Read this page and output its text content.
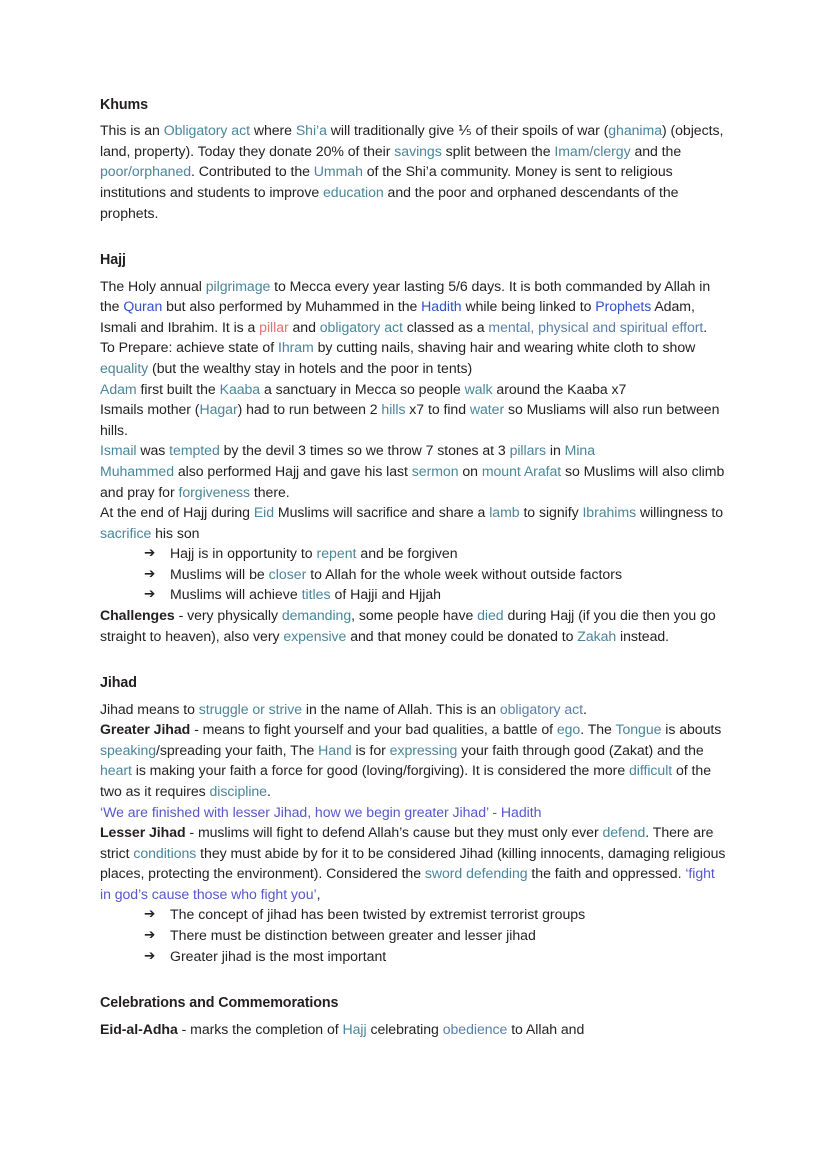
Khums

This is an Obligatory act where Shi’a will traditionally give ⅕ of their spoils of war (ghanima) (objects, land, property). Today they donate 20% of their savings split between the Imam/clergy and the poor/orphaned. Contributed to the Ummah of the Shi’a community. Money is sent to religious institutions and students to improve education and the poor and orphaned descendants of the prophets.

Hajj

The Holy annual pilgrimage to Mecca every year lasting 5/6 days. It is both commanded by Allah in the Quran but also performed by Muhammed in the Hadith while being linked to Prophets Adam, Ismali and Ibrahim. It is a pillar and obligatory act classed as a mental, physical and spiritual effort.

To Prepare: achieve state of Ihram by cutting nails, shaving hair and wearing white cloth to show equality (but the wealthy stay in hotels and the poor in tents)

Adam first built the Kaaba a sanctuary in Mecca so people walk around the Kaaba x7

Ismails mother (Hagar) had to run between 2 hills x7 to find water so Musliams will also run between hills.

Ismail was tempted by the devil 3 times so we throw 7 stones at 3 pillars in Mina

Muhammed also performed Hajj and gave his last sermon on mount Arafat so Muslims will also climb and pray for forgiveness there.

At the end of Hajj during Eid Muslims will sacrifice and share a lamb to signify Ibrahims willingness to sacrifice his son

➔ Hajj is in opportunity to repent and be forgiven
➔ Muslims will be closer to Allah for the whole week without outside factors
➔ Muslims will achieve titles of Hajji and Hjjah

Challenges - very physically demanding, some people have died during Hajj (if you die then you go straight to heaven), also very expensive and that money could be donated to Zakah instead.

Jihad

Jihad means to struggle or strive in the name of Allah. This is an obligatory act.

Greater Jihad - means to fight yourself and your bad qualities, a battle of ego. The Tongue is abouts speaking/spreading your faith, The Hand is for expressing your faith through good (Zakat) and the heart is making your faith a force for good (loving/forgiving). It is considered the more difficult of the two as it requires discipline.

‘We are finished with lesser Jihad, how we begin greater Jihad’ - Hadith

Lesser Jihad - muslims will fight to defend Allah’s cause but they must only ever defend. There are strict conditions they must abide by for it to be considered Jihad (killing innocents, damaging religious places, protecting the environment). Considered the sword defending the faith and oppressed. ‘fight in god’s cause those who fight you’,

➔ The concept of jihad has been twisted by extremist terrorist groups
➔ There must be distinction between greater and lesser jihad
➔ Greater jihad is the most important
Celebrations and Commemorations

Eid-al-Adha - marks the completion of Hajj celebrating obedience to Allah and
